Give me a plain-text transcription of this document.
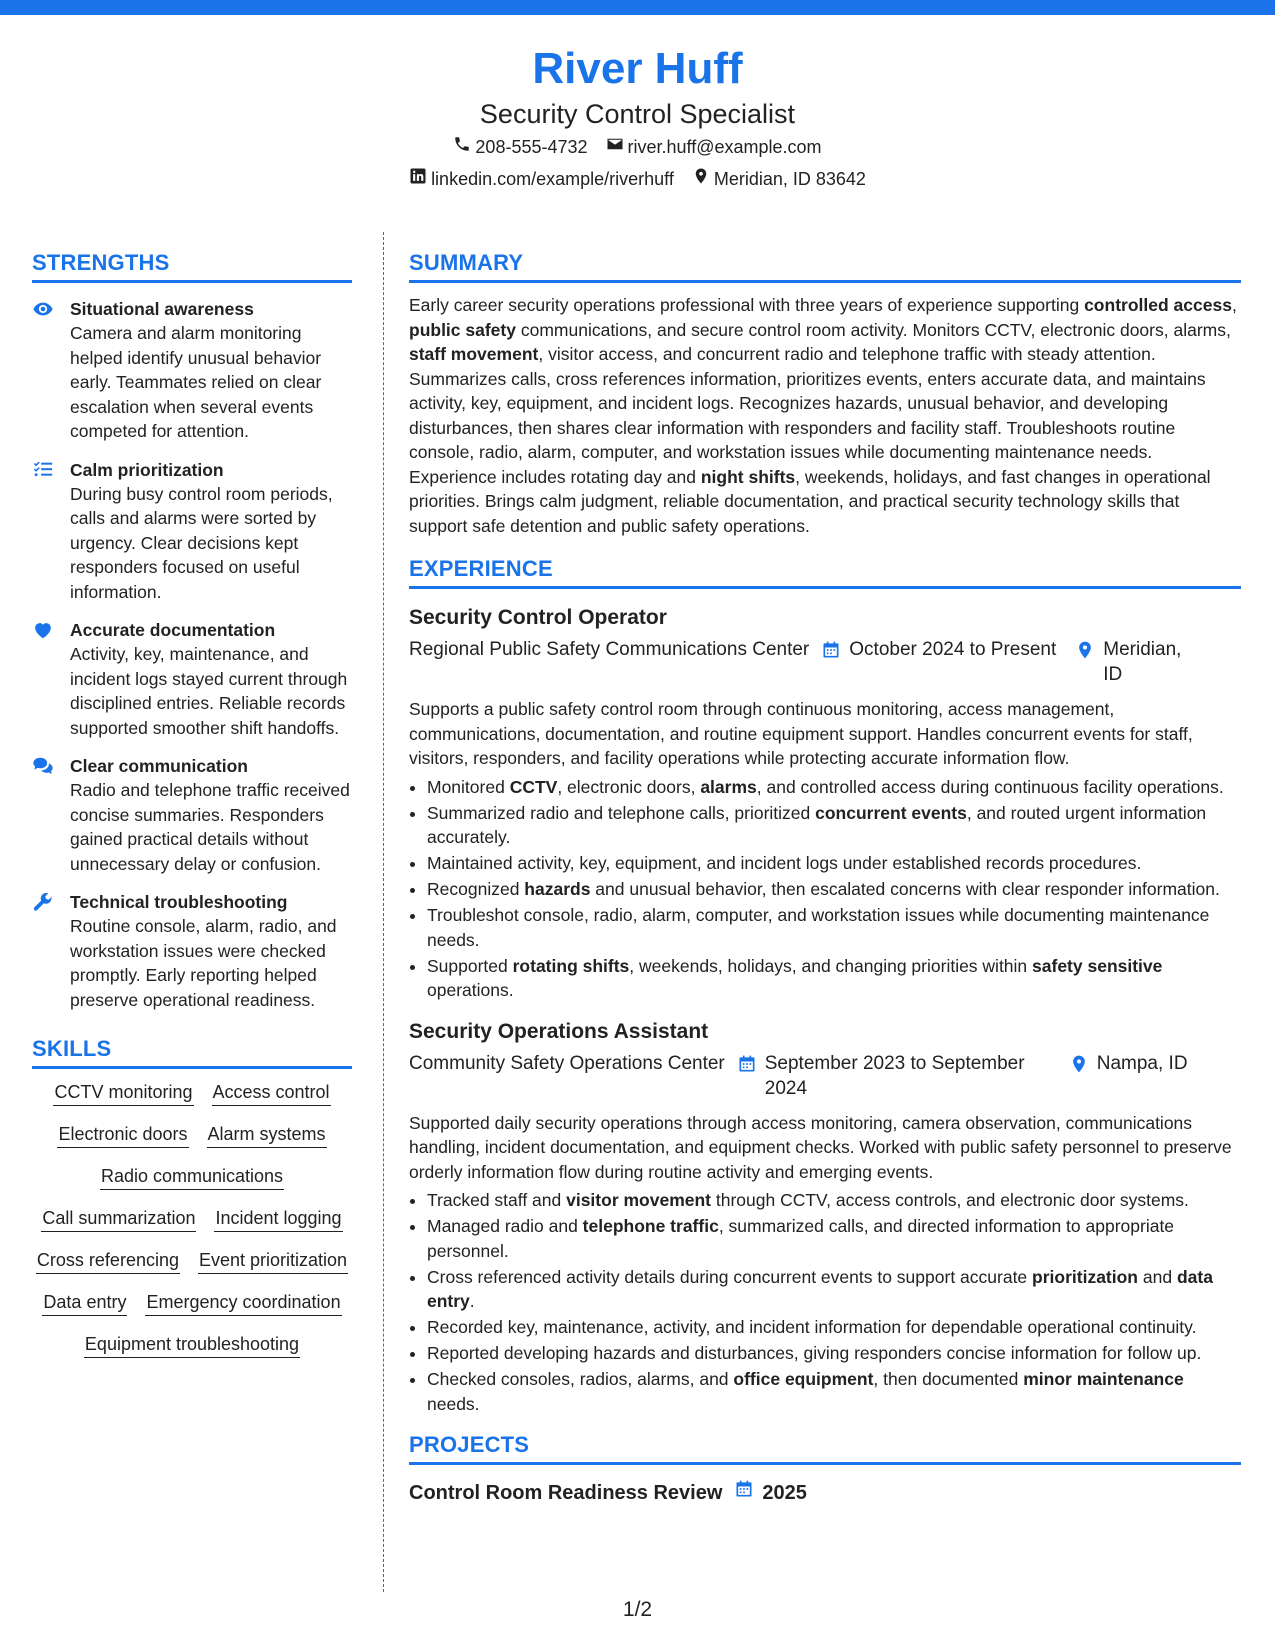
River Huff
Security Control Specialist
208-555-4732 river.huff@example.com
linkedin.com/example/riverhuff Meridian, ID 83642
STRENGTHS
Situational awareness
Camera and alarm monitoring helped identify unusual behavior early. Teammates relied on clear escalation when several events competed for attention.
Calm prioritization
During busy control room periods, calls and alarms were sorted by urgency. Clear decisions kept responders focused on useful information.
Accurate documentation
Activity, key, maintenance, and incident logs stayed current through disciplined entries. Reliable records supported smoother shift handoffs.
Clear communication
Radio and telephone traffic received concise summaries. Responders gained practical details without unnecessary delay or confusion.
Technical troubleshooting
Routine console, alarm, radio, and workstation issues were checked promptly. Early reporting helped preserve operational readiness.
SKILLS
CCTV monitoring Access control
Electronic doors Alarm systems
Radio communications
Call summarization Incident logging
Cross referencing Event prioritization
Data entry Emergency coordination
Equipment troubleshooting
SUMMARY
Early career security operations professional with three years of experience supporting controlled access, public safety communications, and secure control room activity. Monitors CCTV, electronic doors, alarms, staff movement, visitor access, and concurrent radio and telephone traffic with steady attention. Summarizes calls, cross references information, prioritizes events, enters accurate data, and maintains activity, key, equipment, and incident logs. Recognizes hazards, unusual behavior, and developing disturbances, then shares clear information with responders and facility staff. Troubleshoots routine console, radio, alarm, computer, and workstation issues while documenting maintenance needs. Experience includes rotating day and night shifts, weekends, holidays, and fast changes in operational priorities. Brings calm judgment, reliable documentation, and practical security technology skills that support safe detention and public safety operations.
EXPERIENCE
Security Control Operator
Regional Public Safety Communications Center October 2024 to Present Meridian, ID
Supports a public safety control room through continuous monitoring, access management, communications, documentation, and routine equipment support. Handles concurrent events for staff, visitors, responders, and facility operations while protecting accurate information flow.
• Monitored CCTV, electronic doors, alarms, and controlled access during continuous facility operations.
• Summarized radio and telephone calls, prioritized concurrent events, and routed urgent information accurately.
• Maintained activity, key, equipment, and incident logs under established records procedures.
• Recognized hazards and unusual behavior, then escalated concerns with clear responder information.
• Troubleshot console, radio, alarm, computer, and workstation issues while documenting maintenance needs.
• Supported rotating shifts, weekends, holidays, and changing priorities within safety sensitive operations.
Security Operations Assistant
Community Safety Operations Center September 2023 to September 2024
Nampa, ID
Supported daily security operations through access monitoring, camera observation, communications handling, incident documentation, and equipment checks. Worked with public safety personnel to preserve orderly information flow during routine activity and emerging events.
• Tracked staff and visitor movement through CCTV, access controls, and electronic door systems.
• Managed radio and telephone traffic, summarized calls, and directed information to appropriate personnel.
• Cross referenced activity details during concurrent events to support accurate prioritization and data entry.
• Recorded key, maintenance, activity, and incident information for dependable operational continuity.
• Reported developing hazards and disturbances, giving responders concise information for follow up.
• Checked consoles, radios, alarms, and office equipment, then documented minor maintenance needs.
PROJECTS
Control Room Readiness Review 2025
1/2
